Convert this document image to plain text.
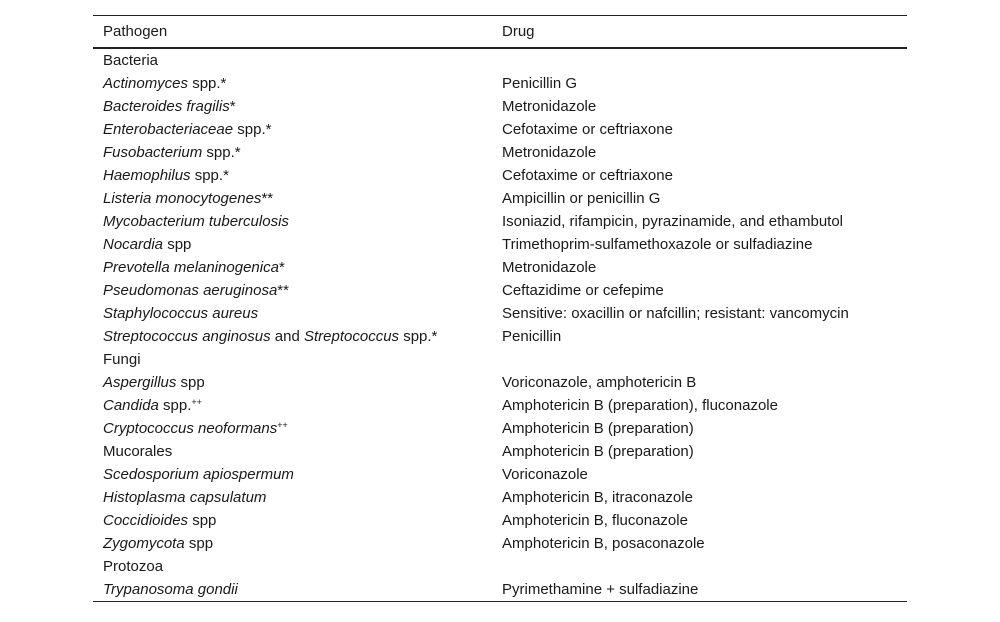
Pathogen	Drug
Bacteria	
Actinomyces spp.*	Penicillin G
Bacteroides fragilis*	Metronidazole
Enterobacteriaceae spp.*	Cefotaxime or ceftriaxone
Fusobacterium spp.*	Metronidazole
Haemophilus spp.*	Cefotaxime or ceftriaxone
Listeria monocytogenes**	Ampicillin or penicillin G
Mycobacterium tuberculosis	Isoniazid, rifampicin, pyrazinamide, and ethambutol
Nocardia spp	Trimethoprim-sulfamethoxazole or sulfadiazine
Prevotella melaninogenica*	Metronidazole
Pseudomonas aeruginosa**	Ceftazidime or cefepime
Staphylococcus aureus	Sensitive: oxacillin or nafcillin; resistant: vancomycin
Streptococcus anginosus and Streptococcus spp.*	Penicillin
Fungi	
Aspergillus spp	Voriconazole, amphotericin B
Candida spp.++	Amphotericin B (preparation), fluconazole
Cryptococcus neoformans++	Amphotericin B (preparation)
Mucorales	Amphotericin B (preparation)
Scedosporium apiospermum	Voriconazole
Histoplasma capsulatum	Amphotericin B, itraconazole
Coccidioides spp	Amphotericin B, fluconazole
Zygomycota spp	Amphotericin B, posaconazole
Protozoa	
Trypanosoma gondii	Pyrimethamine + sulfadiazine
